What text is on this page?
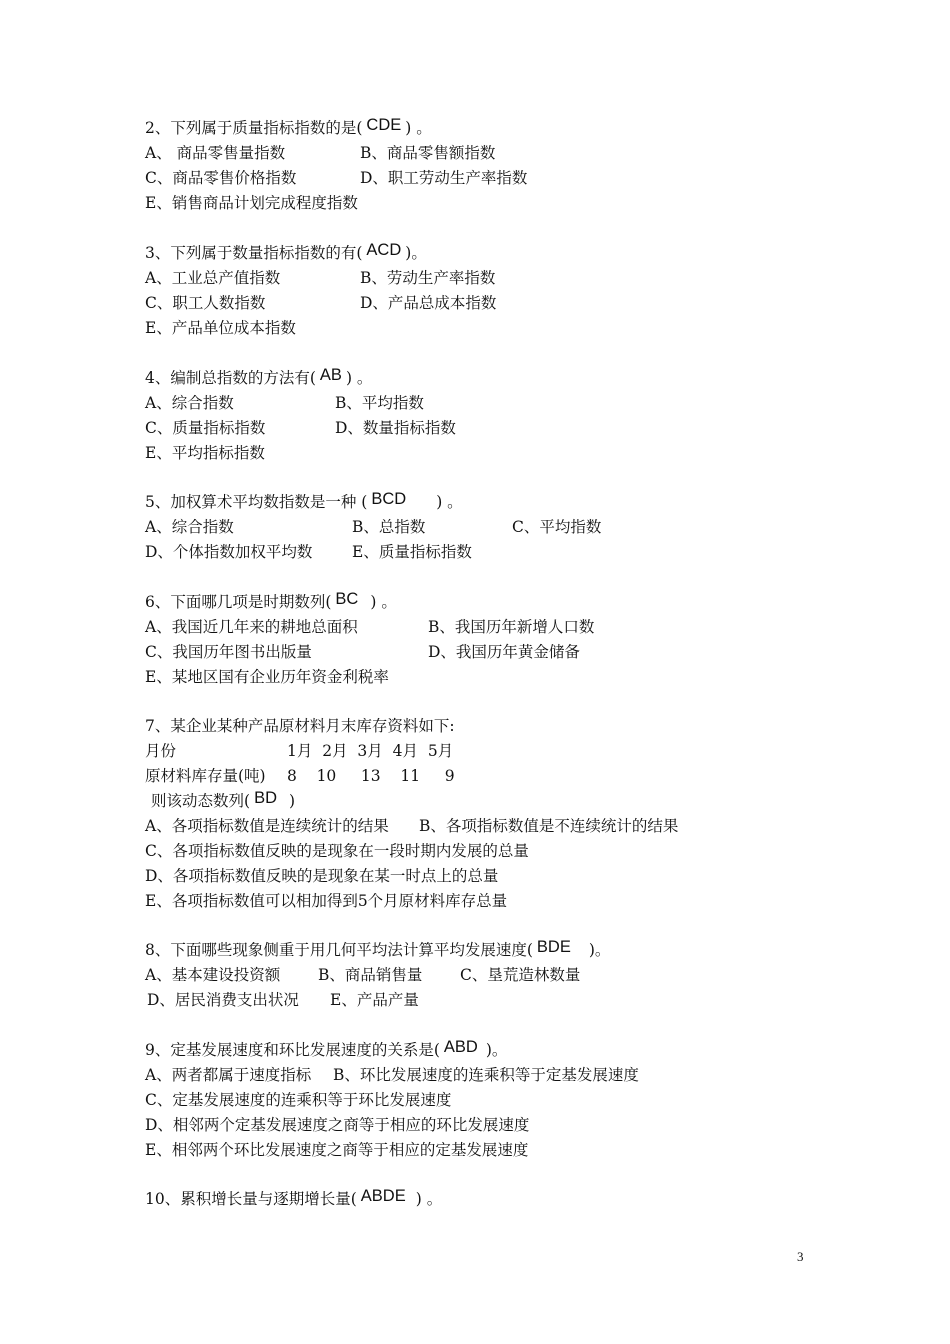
2、下列属于质量指标指数的是( CDE ) 。
A、 商品零售量指数	B、商品零售额指数
C、商品零售价格指数	D、职工劳动生产率指数
E、销售商品计划完成程度指数
3、下列属于数量指标指数的有( ACD )。
A、工业总产值指数	B、劳动生产率指数
C、职工人数指数	D、产品总成本指数
E、产品单位成本指数
4、编制总指数的方法有( AB ) 。
A、综合指数	B、平均指数
C、质量指标指数	D、数量指标指数
E、平均指标指数
5、加权算术平均数指数是一种 ( BCD ) 。
A、综合指数	B、总指数	C、平均指数
D、个体指数加权平均数	E、质量指标指数
6、下面哪几项是时期数列( BC ) 。
A、我国近几年来的耕地总面积	B、我国历年新增人口数
C、我国历年图书出版量	D、我国历年黄金储备
E、某地区国有企业历年资金利税率
7、某企业某种产品原材料月末库存资料如下:
月份	1月  2月  3月  4月  5月
原材料库存量(吨) 8    10     13    11     9
则该动态数列( BD )
A、各项指标数值是连续统计的结果 B、各项指标数值是不连续统计的结果
C、各项指标数值反映的是现象在一段时期内发展的总量
D、各项指标数值反映的是现象在某一时点上的总量
E、各项指标数值可以相加得到5个月原材料库存总量
8、下面哪些现象侧重于用几何平均法计算平均发展速度( BDE )。
A、基本建设投资额 B、商品销售量 C、垦荒造林数量
D、居民消费支出状况 E、产品产量
9、定基发展速度和环比发展速度的关系是( ABD )。
A、两者都属于速度指标 B、环比发展速度的连乘积等于定基发展速度
C、定基发展速度的连乘积等于环比发展速度
D、相邻两个定基发展速度之商等于相应的环比发展速度
E、相邻两个环比发展速度之商等于相应的定基发展速度
10、累积增长量与逐期增长量( ABDE ) 。
3
